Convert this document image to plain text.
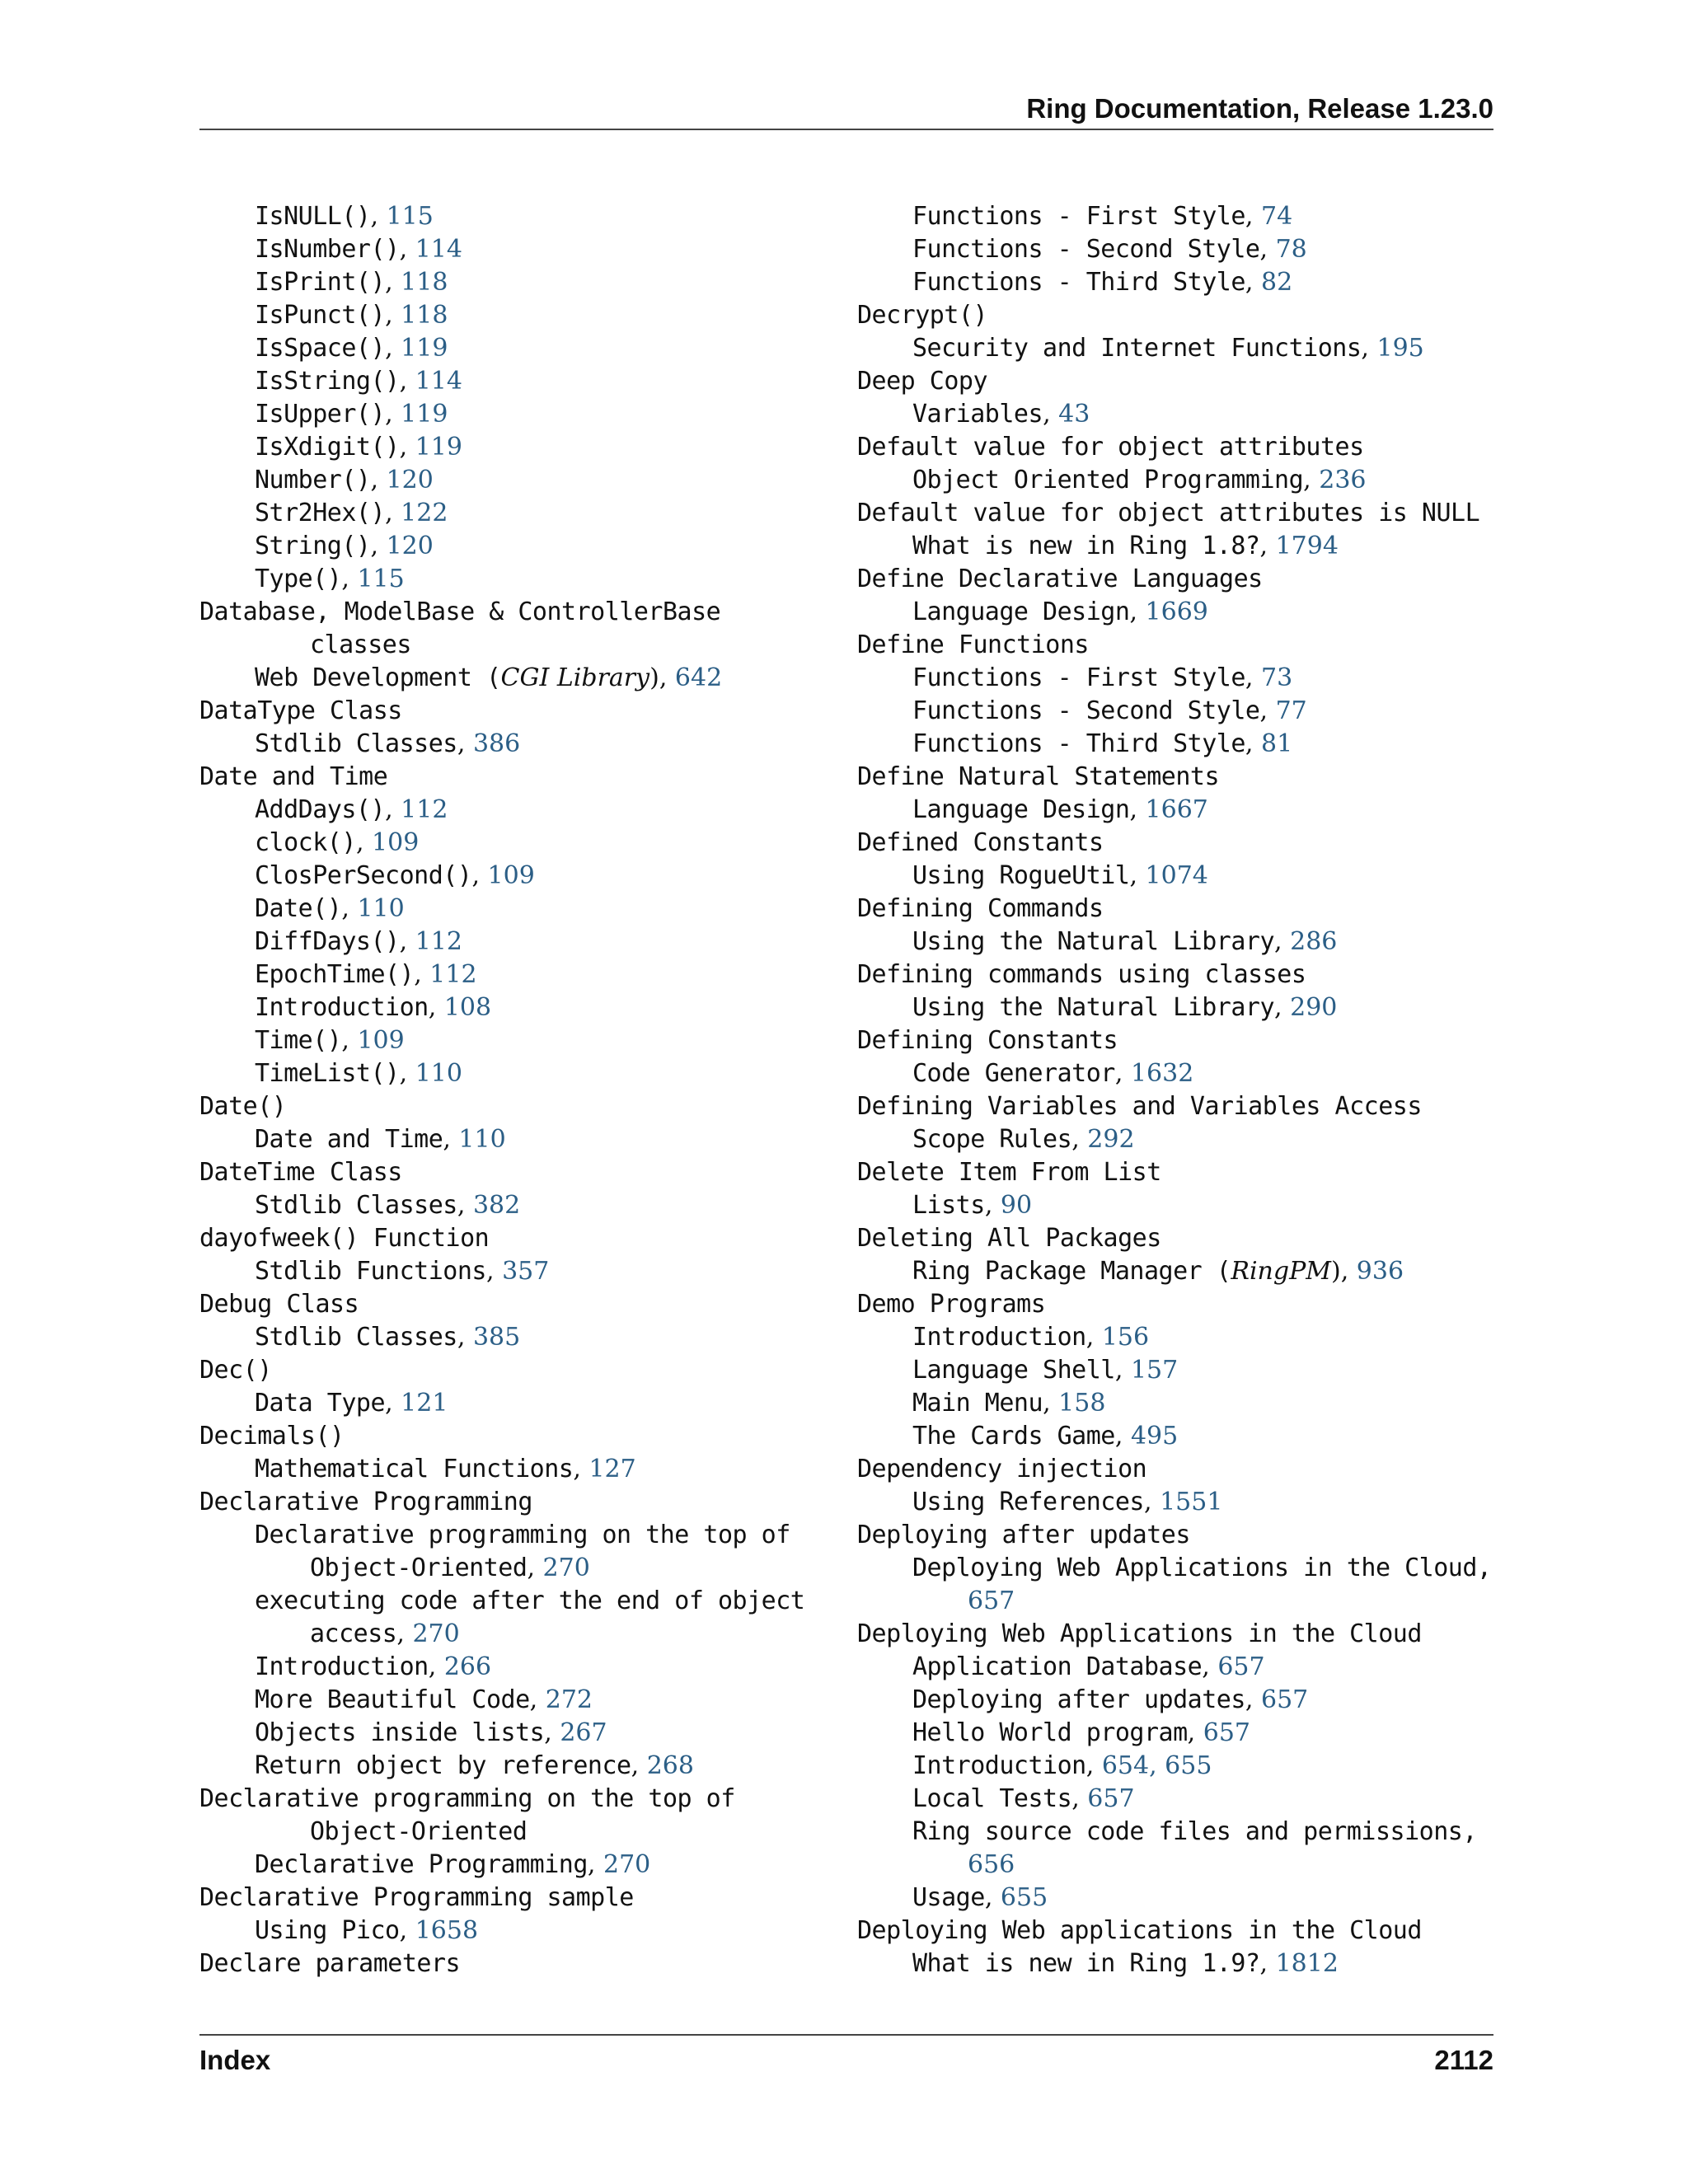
Ring Documentation, Release 1.23.0
IsNULL(), 115
IsNumber(), 114
IsPrint(), 118
IsPunct(), 118
IsSpace(), 119
IsString(), 114
IsUpper(), 119
IsXdigit(), 119
Number(), 120
Str2Hex(), 122
String(), 120
Type(), 115
Database, ModelBase & ControllerBase
classes
Web Development (CGI Library), 642
DataType Class
Stdlib Classes, 386
Date and Time
AddDays(), 112
clock(), 109
ClosPerSecond(), 109
Date(), 110
DiffDays(), 112
EpochTime(), 112
Introduction, 108
Time(), 109
TimeList(), 110
Date()
Date and Time, 110
DateTime Class
Stdlib Classes, 382
dayofweek() Function
Stdlib Functions, 357
Debug Class
Stdlib Classes, 385
Dec()
Data Type, 121
Decimals()
Mathematical Functions, 127
Declarative Programming
Declarative programming on the top of
Object-Oriented, 270
executing code after the end of object
access, 270
Introduction, 266
More Beautiful Code, 272
Objects inside lists, 267
Return object by reference, 268
Declarative programming on the top of
Object-Oriented
Declarative Programming, 270
Declarative Programming sample
Using Pico, 1658
Declare parameters
Functions - First Style, 74
Functions - Second Style, 78
Functions - Third Style, 82
Decrypt()
Security and Internet Functions, 195
Deep Copy
Variables, 43
Default value for object attributes
Object Oriented Programming, 236
Default value for object attributes is NULL
What is new in Ring 1.8?, 1794
Define Declarative Languages
Language Design, 1669
Define Functions
Functions - First Style, 73
Functions - Second Style, 77
Functions - Third Style, 81
Define Natural Statements
Language Design, 1667
Defined Constants
Using RogueUtil, 1074
Defining Commands
Using the Natural Library, 286
Defining commands using classes
Using the Natural Library, 290
Defining Constants
Code Generator, 1632
Defining Variables and Variables Access
Scope Rules, 292
Delete Item From List
Lists, 90
Deleting All Packages
Ring Package Manager (RingPM), 936
Demo Programs
Introduction, 156
Language Shell, 157
Main Menu, 158
The Cards Game, 495
Dependency injection
Using References, 1551
Deploying after updates
Deploying Web Applications in the Cloud,
657
Deploying Web Applications in the Cloud
Application Database, 657
Deploying after updates, 657
Hello World program, 657
Introduction, 654, 655
Local Tests, 657
Ring source code files and permissions,
656
Usage, 655
Deploying Web applications in the Cloud
What is new in Ring 1.9?, 1812
Index	2112
